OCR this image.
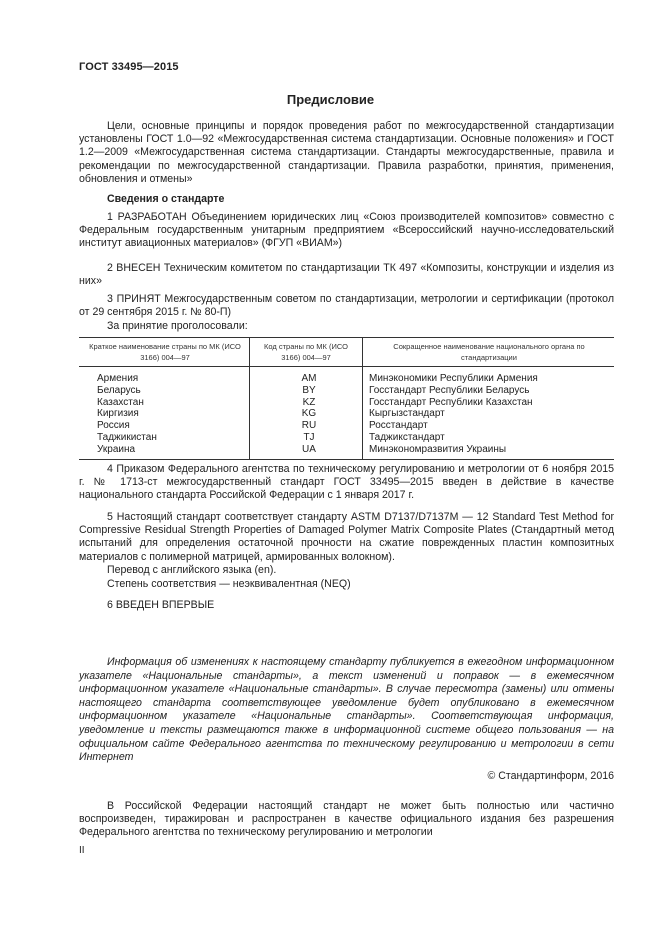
ГОСТ 33495—2015
Предисловие

Цели, основные принципы и порядок проведения работ по межгосударственной стандартизации установлены ГОСТ 1.0—92 «Межгосударственная система стандартизации. Основные положения» и ГОСТ 1.2—2009 «Межгосударственная система стандартизации. Стандарты межгосударственные, правила и рекомендации по межгосударственной стандартизации. Правила разработки, принятия, применения, обновления и отмены»

Сведения о стандарте

1 РАЗРАБОТАН Объединением юридических лиц «Союз производителей композитов» совместно с Федеральным государственным унитарным предприятием «Всероссийский научно-исследовательский институт авиационных материалов» (ФГУП «ВИАМ»)

2 ВНЕСЕН Техническим комитетом по стандартизации ТК 497 «Композиты, конструкции и изделия из них»

3 ПРИНЯТ Межгосударственным советом по стандартизации, метрологии и сертификации (протокол от 29 сентября 2015 г. № 80-П)

За принятие проголосовали:
Краткое наименование страны по МК (ИСО 3166) 004—97
Код страны по МК (ИСО 3166) 004—97
Сокращенное наименование национального органа по стандартизации
Армения
Беларусь
Казахстан
Киргизия
Россия
Таджикистан
Украина
AM
BY
KZ
KG
RU
TJ
UA
Минэкономики Республики Армения
Госстандарт Республики Беларусь
Госстандарт Республики Казахстан
Кыргызстандарт
Росстандарт
Таджикстандарт
Минэкономразвития Украины

4 Приказом Федерального агентства по техническому регулированию и метрологии от 6 ноября 2015 г. № 1713-ст межгосударственный стандарт ГОСТ 33495—2015 введен в действие в качестве национального стандарта Российской Федерации с 1 января 2017 г.

5 Настоящий стандарт соответствует стандарту ASTM D7137/D7137M — 12 Standard Test Method for Compressive Residual Strength Properties of Damaged Polymer Matrix Composite Plates (Стандартный метод испытаний для определения остаточной прочности на сжатие поврежденных пластин композитных материалов с полимерной матрицей, армированных волокном).

Перевод с английского языка (en).
Степень соответствия — неэквивалентная (NEQ)
6 ВВЕДЕН ВПЕРВЫЕ

Информация об изменениях к настоящему стандарту публикуется в ежегодном информационном указателе «Национальные стандарты», а текст изменений и поправок — в ежемесячном информационном указателе «Национальные стандарты». В случае пересмотра (замены) или отмены настоящего стандарта соответствующее уведомление будет опубликовано в ежемесячном информационном указателе «Национальные стандарты». Соответствующая информация, уведомление и тексты размещаются также в информационной системе общего пользования — на официальном сайте Федерального агентства по техническому регулированию и метрологии в сети Интернет

© Стандартинформ, 2016

В Российской Федерации настоящий стандарт не может быть полностью или частично воспроизведен, тиражирован и распространен в качестве официального издания без разрешения Федерального агентства по техническому регулированию и метрологии

II
